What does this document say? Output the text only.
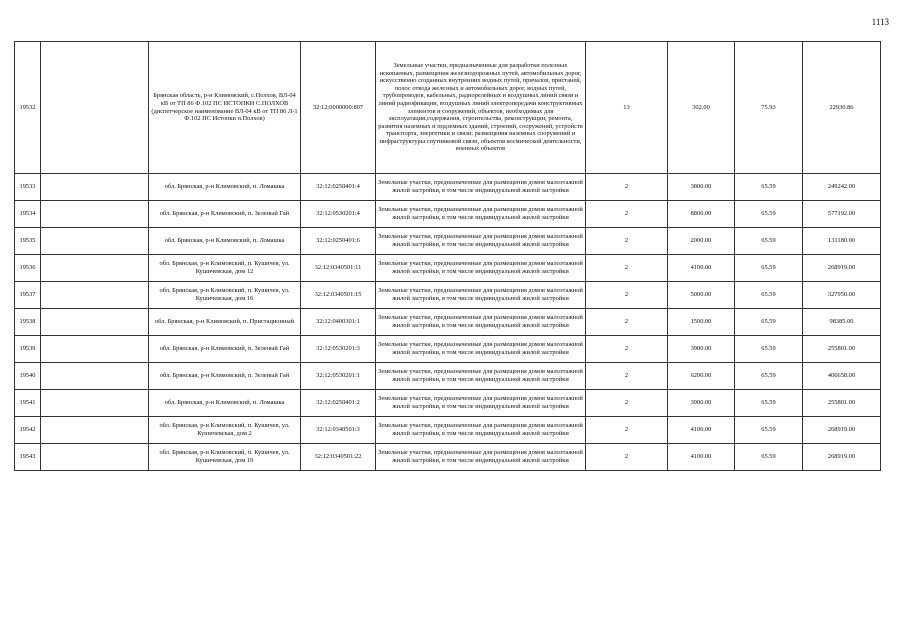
1113
19532		Брянская область, р-н Климовский, с.Полхов, ВЛ-04 кВ от ТП 86 Ф.102 ПС ИСТОПКИ С.ПОЛХОВ (диспетчерское наименование ВЛ-04 кВ от ТП 86 Л-1 Ф.102 ПС Истопки п.Полхов)	32:12:0000000:897	Земельные участки, предназначенные для разработки полезных ископаемых, размещения железнодорожных путей, автомобильных дорог, искусственно созданных внутренних водных путей, причалов, пристаней, полос отвода железных и автомобильных дорог, водных путей, трубопроводов, кабельных, радиорелейных и воздушных линий связи и линий радиофикации, воздушных линий электропередачи конструктивных элементов и сооружений, объектов, необходимых для эксплуатации,содержания, строительства, реконструкции, ремонта, развития наземных и подземных зданий, строений, сооружений, устройств транспорта, энергетики и связи; размещения наземных сооружений и инфраструктуры спутниковой связи, объектов космической деятельности, военных объектов	13	302.00	75.93	22930.86
19533		обл. Брянская, р-н Климовский, п. Ломашка	32:12:0250401:4	Земельные участки, предназначенные для размещения домов малоэтажной жилой застройки, в том числе индивидуальной жилой застройки	2	3800.00	65.59	249242.00
19534		обл. Брянская, р-н Климовский, п. Зеленый Гай	32:12:0530201:4	Земельные участки, предназначенные для размещения домов малоэтажной жилой застройки, в том числе индивидуальной жилой застройки	2	8800.00	65.59	577192.00
19535		обл. Брянская, р-н Климовский, п. Ломашка	32:12:0250401:6	Земельные участки, предназначенные для размещения домов малоэтажной жилой застройки, в том числе индивидуальной жилой застройки	2	2000.00	65.59	131180.00
19536		обл. Брянская, р-н Климовский, п. Кушичев, ул. Кушичевская, дом 12	32:12:0340501:11	Земельные участки, предназначенные для размещения домов малоэтажной жилой застройки, в том числе индивидуальной жилой застройки	2	4100.00	65.59	268919.00
19537		обл. Брянская, р-н Климовский, п. Кушичев, ул. Кушичевская, дом 16	32:12:0340501:15	Земельные участки, предназначенные для размещения домов малоэтажной жилой застройки, в том числе индивидуальной жилой застройки	2	5000.00	65.59	327950.00
19538		обл. Брянская, р-н Климовский, п. Пристационный	32:12:0400301:1	Земельные участки, предназначенные для размещения домов малоэтажной жилой застройки, в том числе индивидуальной жилой застройки	2	1500.00	65.59	98385.00
19539		обл. Брянская, р-н Климовский, п. Зеленый Гай	32:12:0530201:3	Земельные участки, предназначенные для размещения домов малоэтажной жилой застройки, в том числе индивидуальной жилой застройки	2	3900.00	65.59	255801.00
19540		обл. Брянская, р-н Климовский, п. Зеленый Гай	32:12:0530201:1	Земельные участки, предназначенные для размещения домов малоэтажной жилой застройки, в том числе индивидуальной жилой застройки	2	6200.00	65.59	406658.00
19541		обл. Брянская, р-н Климовский, п. Ломашка	32:12:0250401:2	Земельные участки, предназначенные для размещения домов малоэтажной жилой застройки, в том числе индивидуальной жилой застройки	2	3900.00	65.59	255801.00
19542		обл. Брянская, р-н Климовский, п. Кушичев, ул. Кушичевская, дом 2	32:12:0340501:3	Земельные участки, предназначенные для размещения домов малоэтажной жилой застройки, в том числе индивидуальной жилой застройки	2	4100.00	65.59	268919.00
19543		обл. Брянская, р-н Климовский, п. Кушичев, ул. Кушичевская, дом 19	32:12:0340501:22	Земельные участки, предназначенные для размещения домов малоэтажной жилой застройки, в том числе индивидуальной жилой застройки	2	4100.00	65.59	268919.00
